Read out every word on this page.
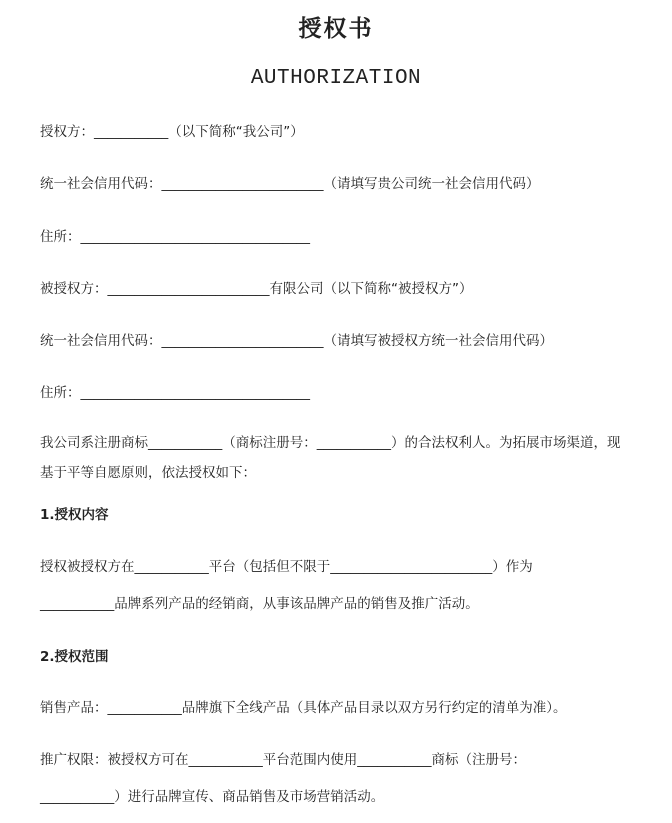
授权书
AUTHORIZATION
授权方：___________（以下简称“我公司”）
统一社会信用代码：________________________（请填写贵公司统一社会信用代码）
住所：__________________________________
被授权方：________________________有限公司（以下简称“被授权方”）
统一社会信用代码：________________________（请填写被授权方统一社会信用代码）
住所：__________________________________
我公司系注册商标___________（商标注册号：___________）的合法权利人。为拓展市场渠道，现基于平等自愿原则，依法授权如下：
1.授权内容
授权被授权方在___________平台（包括但不限于________________________）作为
___________品牌系列产品的经销商，从事该品牌产品的销售及推广活动。
2.授权范围
销售产品：___________品牌旗下全线产品（具体产品目录以双方另行约定的清单为准）。
推广权限：被授权方可在___________平台范围内使用___________商标（注册号：
___________）进行品牌宣传、商品销售及市场营销活动。
